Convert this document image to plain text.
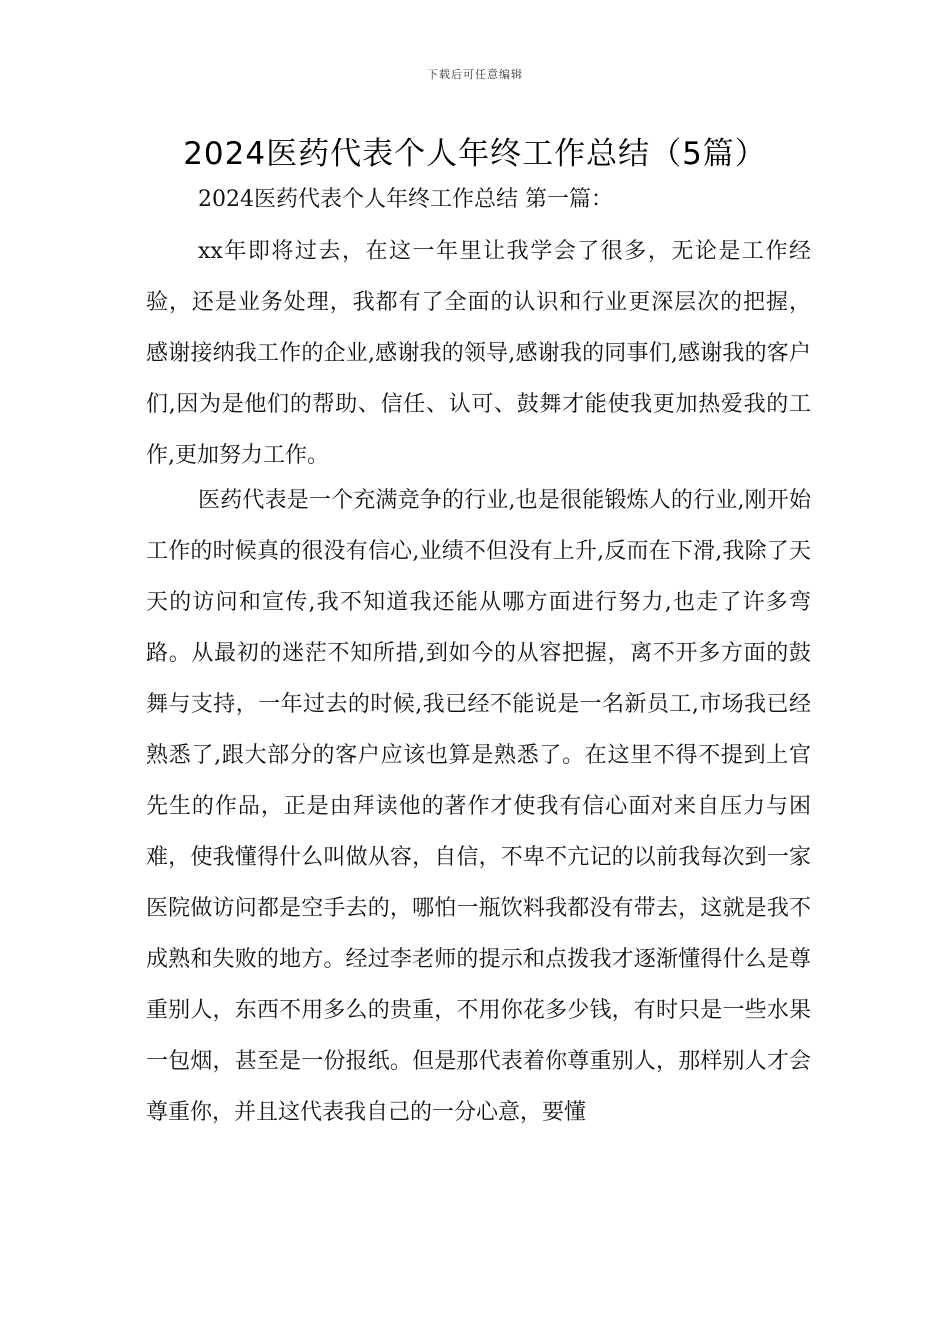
下载后可任意编辑
2024医药代表个人年终工作总结（5篇）
2024医药代表个人年终工作总结 第一篇：

xx年即将过去，在这一年里让我学会了很多，无论是工作经验，还是业务处理，我都有了全面的认识和行业更深层次的把握， 感谢接纳我工作的企业,感谢我的领导,感谢我的同事们,感谢我的客户们,因为是他们的帮助、信任、认可、鼓舞才能使我更加热爱我的工作,更加努力工作。

医药代表是一个充满竞争的行业,也是很能锻炼人的行业,刚开始工作的时候真的很没有信心,业绩不但没有上升,反而在下滑,我除了天天的访问和宣传,我不知道我还能从哪方面进行努力,也走了许多弯路。从最初的迷茫不知所措,到如今的从容把握，离不开多方面的鼓舞与支持，一年过去的时候,我已经不能说是一名新员工,市场我已经熟悉了,跟大部分的客户应该也算是熟悉了。在这里不得不提到上官 先生的作品，正是由拜读他的著作才使我有信心面对来自压力与困难，使我懂得什么叫做从容，自信，不卑不亢记的以前我每次到一家医院做访问都是空手去的，哪怕一瓶饮料我都没有带去，这就是我不成熟和失败的地方。经过李老师的提示和点拨我才逐渐懂得什么是尊重别人，东西不用多么的贵重，不用你花多少钱，有时只是一些水果一包烟，甚至是一份报纸。但是那代表着你尊重别人，那样别人才会尊重你，并且这代表我自己的一分心意，要懂
